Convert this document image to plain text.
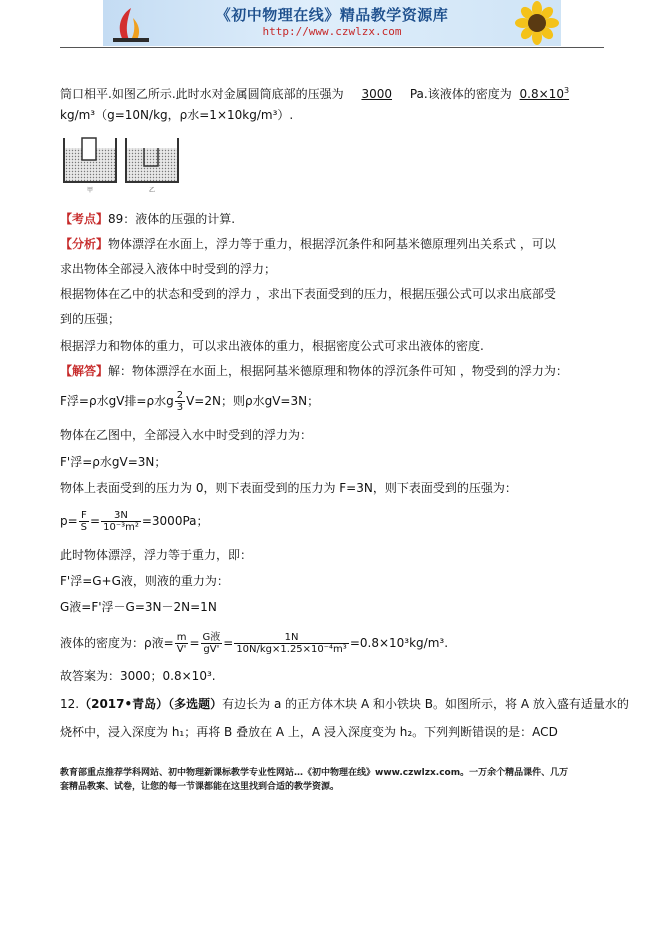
《初中物理在线》精品教学资源库
http://www.czwlzx.com
筒口相平.如图乙所示.此时水对金属圆筒底部的压强为 3000 Pa.该液体的密度为 $0.8\times 10^3$
kg/m³（g=10N/kg，ρ水=1×10kg/m³）.
甲	乙
【考点】89：液体的压强的计算.
【分析】物体漂浮在水面上，浮力等于重力，根据浮沉条件和阿基米德原理列出关系式 ，可以
求出物体全部浸入液体中时受到的浮力；
根据物体在乙中的状态和受到的浮力 ，求出下表面受到的压力，根据压强公式可以求出底部受
到的压强；
根据浮力和物体的重力，可以求出液体的重力，根据密度公式可求出液体的密度.
【解答】解：物体漂浮在水面上，根据阿基米德原理和物体的浮沉条件可知 ，物受到的浮力为：
F浮=ρ水gV排=ρ水g $\frac{2}{3} V=2N$；则ρ水gV=3N；
物体在乙图中，全部浸入水中时受到的浮力为：
F'浮=ρ水gV=3N；
物体上表面受到的压力为 0，则下表面受到的压力为 F=3N，则下表面受到的压强为：
$p= \frac{F}{S} = \frac{3N}{\text{10⁻³m²}} =3000Pa$；
此时物体漂浮，浮力等于重力，即：
F'浮=G+G液，则液的重力为：
G液=F'浮－G=3N－2N=1N
液体的密度为：ρ液= $\frac{m}{V'} = \frac{\text{G液}}{gV'} = \frac{1N}{\text{10N/kg×1.25×10⁻⁴m³}} =0.8\times 10^3kg/m^3$.
故答案为：3000；0.8×10³.
12.（2017•青岛）（多选题）有边长为 a 的正方体木块 A 和小铁块 B。如图所示，将 A 放入盛有适量水的
烧杯中，浸入深度为 h₁；再将 B 叠放在 A 上，A 浸入深度变为 h₂。下列判断错误的是：ACD
教育部重点推荐学科网站、初中物理新课标教学专业性网站…《初中物理在线》www.czwlzx.com。一万余个精品课件、几万
套精品教案、试卷，让您的每一节课都能在这里找到合适的教学资源。
